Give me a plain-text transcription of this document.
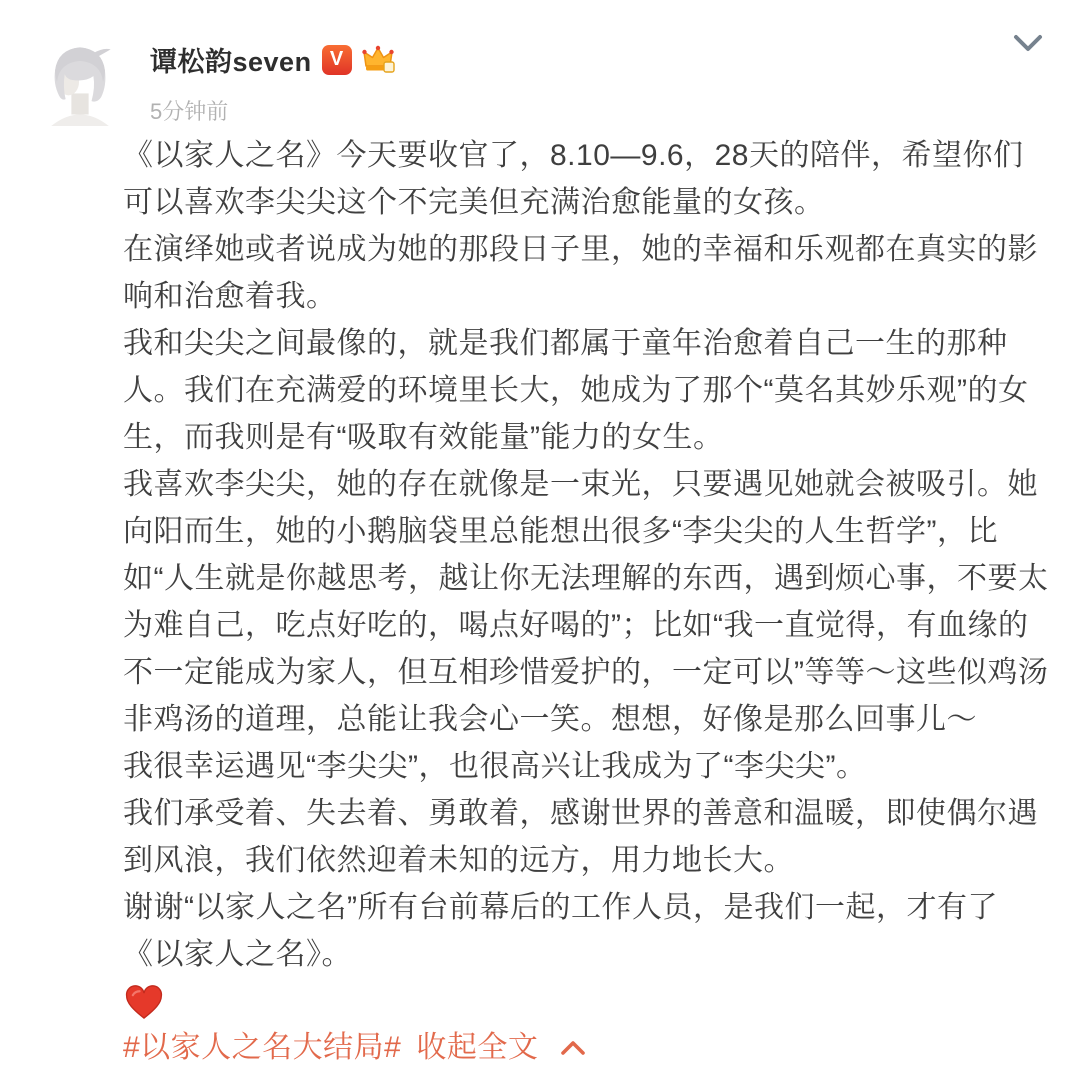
谭松韵seven V
5分钟前

《以家人之名》今天要收官了，8.10—9.6，28天的陪伴，希望你们可以喜欢李尖尖这个不完美但充满治愈能量的女孩。

在演绎她或者说成为她的那段日子里，她的幸福和乐观都在真实的影响和治愈着我。

我和尖尖之间最像的，就是我们都属于童年治愈着自己一生的那种人。我们在充满爱的环境里长大，她成为了那个“莫名其妙乐观”的女生，而我则是有“吸取有效能量”能力的女生。

我喜欢李尖尖，她的存在就像是一束光，只要遇见她就会被吸引。她向阳而生，她的小鹅脑袋里总能想出很多“李尖尖的人生哲学”，比如“人生就是你越思考，越让你无法理解的东西，遇到烦心事，不要太为难自己，吃点好吃的，喝点好喝的”；比如“我一直觉得，有血缘的不一定能成为家人，但互相珍惜爱护的，一定可以”等等～这些似鸡汤非鸡汤的道理，总能让我会心一笑。想想，好像是那么回事儿～

我很幸运遇见“李尖尖”，也很高兴让我成为了“李尖尖”。

我们承受着、失去着、勇敢着，感谢世界的善意和温暖，即使偶尔遇到风浪，我们依然迎着未知的远方，用力地长大。

谢谢“以家人之名”所有台前幕后的工作人员，是我们一起，才有了《以家人之名》。

#以家人之名大结局# 收起全文
